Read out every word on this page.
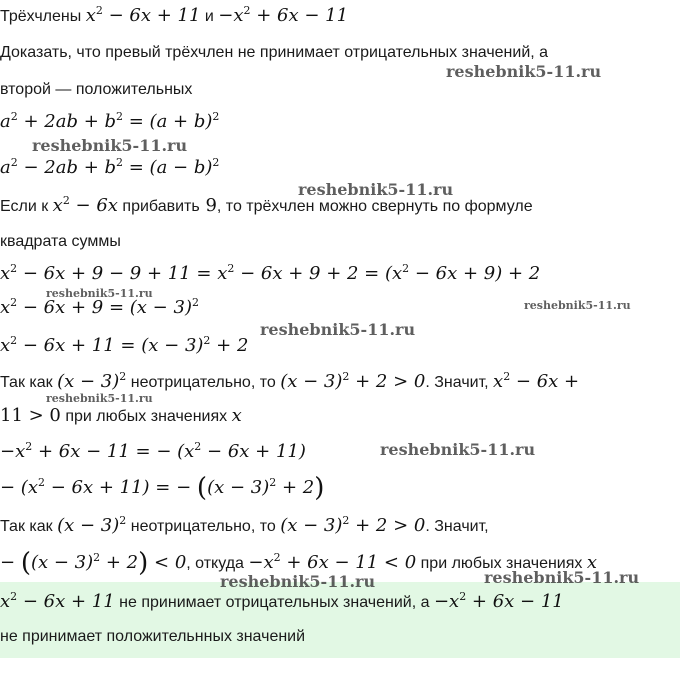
Трёхчлены $x^2 - 6x + 11$ $и -x^2 + 6x - 11$
Доказать, что превый трёхчлен не принимает отрицательных значений, а
второй — положительных
$a^2 + 2ab + b^2 = (a + b)^2$
$a^2 - 2ab + b^2 = (a - b)^2$
Если к $x^2 - 6x$ прибавить 9, то трёхчлен можно свернуть по формуле
квадрата суммы
$x^2 - 6x + 9 - 9 + 11 = x^2 - 6x + 9 + 2 = (x^2 - 6x + 9) + 2$
$x^2 - 6x + 9 = (x - 3)^2$
$x^2 - 6x + 11 = (x - 3)^2 + 2$
Так как $(x - 3)^2$ неотрицательно, то $(x - 3)^2 + 2 > 0$. Значит, $x^2 - 6x$ +
11 > 0 при любых значениях x
$-x^2 + 6x - 11$ = − $(x^2 - 6x + 11)$
− $(x^2 - 6x + 11)$ = − $((x - 3)^2 + 2)$
Так как $(x - 3)^2$ неотрицательно, то $(x - 3)^2 + 2 > 0$. Значит,
− $((x - 3)^2 + 2) < 0$, откуда $-x^2 + 6x - 11 < 0$ при любых значениях x
$x^2 - 6x + 11$ не принимает отрицательных значений, $а -x^2 + 6x - 11$
не принимает положительнных значений
reshebnik5-11.ru
reshebnik5-11.ru
reshebnik5-11.ru
reshebnik5-11.ru
reshebnik5-11.ru
reshebnik5-11.ru
reshebnik5-11.ru
reshebnik5-11.ru
reshebnik5-11.ru	reshebnik5-11.ru
